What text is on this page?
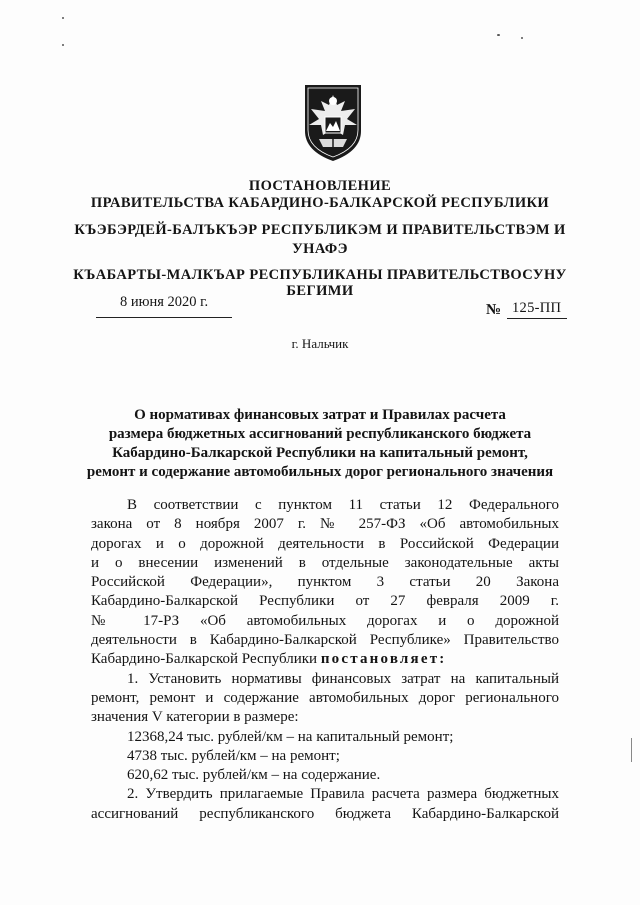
ПОСТАНОВЛЕНИЕ
ПРАВИТЕЛЬСТВА КАБАРДИНО-БАЛКАРСКОЙ РЕСПУБЛИКИ
КЪЭБЭРДЕЙ-БАЛЪКЪЭР РЕСПУБЛИКЭМ И ПРАВИТЕЛЬСТВЭМ И
УНАФЭ
КЪАБАРТЫ-МАЛКЪАР РЕСПУБЛИКАНЫ ПРАВИТЕЛЬСТВОСУНУ
БЕГИМИ
8 июня 2020 г.	№ 125-ПП
г. Нальчик
О нормативах финансовых затрат и Правилах расчета
размера бюджетных ассигнований республиканского бюджета
Кабардино-Балкарской Республики на капитальный ремонт,
ремонт и содержание автомобильных дорог регионального значения

В соответствии с пунктом 11 статьи 12 Федерального

закона от 8 ноября 2007 г. № 257-ФЗ «Об автомобильных

дорогах и о дорожной деятельности в Российской Федерации

и о внесении изменений в отдельные законодательные акты

Российской Федерации», пунктом 3 статьи 20 Закона

Кабардино-Балкарской Республики от 27 февраля 2009 г.

№ 17-РЗ «Об автомобильных дорогах и о дорожной

деятельности в Кабардино-Балкарской Республике» Правительство

Кабардино-Балкарской Республики постановляет:

1. Установить нормативы финансовых затрат на капитальный

ремонт, ремонт и содержание автомобильных дорог регионального

значения V категории в размере:

12368,24 тыс. рублей/км – на капитальный ремонт;

4738 тыс. рублей/км – на ремонт;

620,62 тыс. рублей/км – на содержание.

2. Утвердить прилагаемые Правила расчета размера бюджетных

ассигнований республиканского бюджета Кабардино-Балкарской
